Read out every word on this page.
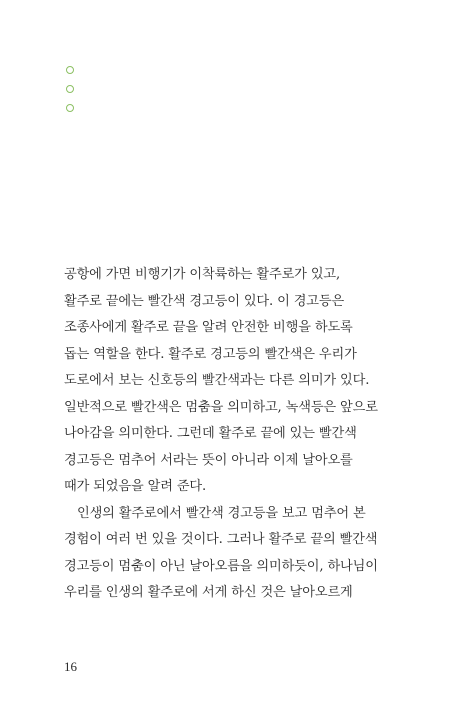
공항에 가면 비행기가 이착륙하는 활주로가 있고,
활주로 끝에는 빨간색 경고등이 있다. 이 경고등은
조종사에게 활주로 끝을 알려 안전한 비행을 하도록
돕는 역할을 한다. 활주로 경고등의 빨간색은 우리가
도로에서 보는 신호등의 빨간색과는 다른 의미가 있다.
일반적으로 빨간색은 멈춤을 의미하고, 녹색등은 앞으로
나아감을 의미한다. 그런데 활주로 끝에 있는 빨간색
경고등은 멈추어 서라는 뜻이 아니라 이제 날아오를
때가 되었음을 알려 준다.
인생의 활주로에서 빨간색 경고등을 보고 멈추어 본
경험이 여러 번 있을 것이다. 그러나 활주로 끝의 빨간색
경고등이 멈춤이 아닌 날아오름을 의미하듯이, 하나님이
우리를 인생의 활주로에 서게 하신 것은 날아오르게
16
